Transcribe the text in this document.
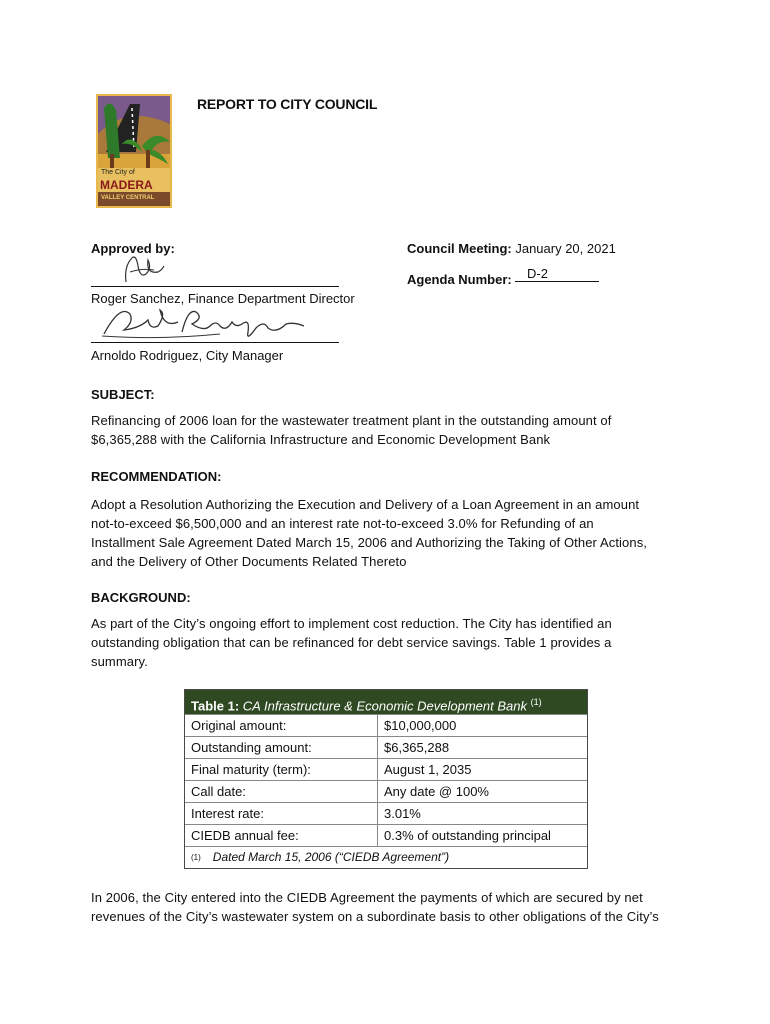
The City of
MADERA
VALLEY CENTRAL
REPORT TO CITY COUNCIL
Approved by:
Roger Sanchez, Finance Department Director
Arnoldo Rodriguez, City Manager
Council Meeting: January 20, 2021
Agenda Number:	D-2
SUBJECT:
Refinancing of 2006 loan for the wastewater treatment plant in the outstanding amount of
$6,365,288 with the California Infrastructure and Economic Development Bank
RECOMMENDATION:
Adopt a Resolution Authorizing the Execution and Delivery of a Loan Agreement in an amount
not-to-exceed $6,500,000 and an interest rate not-to-exceed 3.0% for Refunding of an
Installment Sale Agreement Dated March 15, 2006 and Authorizing the Taking of Other Actions,
and the Delivery of Other Documents Related Thereto
BACKGROUND:
As part of the City’s ongoing effort to implement cost reduction. The City has identified an
outstanding obligation that can be refinanced for debt service savings. Table 1 provides a
summary.
Table 1: CA Infrastructure & Economic Development Bank $^{(1)}$
Original amount:	$10,000,000
Outstanding amount:	$6,365,288
Final maturity (term):	August 1, 2035
Call date:	Any date @ 100%
Interest rate:	3.01%
CIEDB annual fee:	0.3% of outstanding principal
(1) Dated March 15, 2006 (“CIEDB Agreement”)
In 2006, the City entered into the CIEDB Agreement the payments of which are secured by net
revenues of the City’s wastewater system on a subordinate basis to other obligations of the City’s
